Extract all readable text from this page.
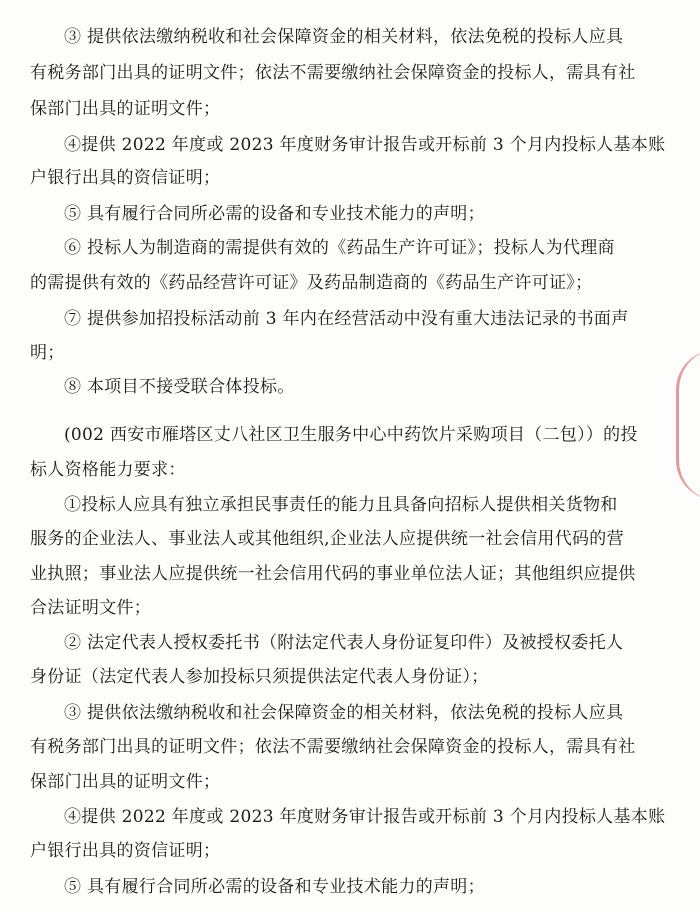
③ 提供依法缴纳税收和社会保障资金的相关材料，依法免税的投标人应具
有税务部门出具的证明文件；依法不需要缴纳社会保障资金的投标人，需具有社
保部门出具的证明文件；
④提供 2022 年度或 2023 年度财务审计报告或开标前 3 个月内投标人基本账
户银行出具的资信证明；
⑤ 具有履行合同所必需的设备和专业技术能力的声明；
⑥ 投标人为制造商的需提供有效的《药品生产许可证》；投标人为代理商
的需提供有效的《药品经营许可证》及药品制造商的《药品生产许可证》；
⑦ 提供参加招投标活动前 3 年内在经营活动中没有重大违法记录的书面声
明；
⑧ 本项目不接受联合体投标。
(002 西安市雁塔区丈八社区卫生服务中心中药饮片采购项目（二包））的投
标人资格能力要求：
①投标人应具有独立承担民事责任的能力且具备向招标人提供相关货物和
服务的企业法人、事业法人或其他组织,企业法人应提供统一社会信用代码的营
业执照；事业法人应提供统一社会信用代码的事业单位法人证；其他组织应提供
合法证明文件；
② 法定代表人授权委托书（附法定代表人身份证复印件）及被授权委托人
身份证（法定代表人参加投标只须提供法定代表人身份证）；
③ 提供依法缴纳税收和社会保障资金的相关材料，依法免税的投标人应具
有税务部门出具的证明文件；依法不需要缴纳社会保障资金的投标人，需具有社
保部门出具的证明文件；
④提供 2022 年度或 2023 年度财务审计报告或开标前 3 个月内投标人基本账
户银行出具的资信证明；
⑤ 具有履行合同所必需的设备和专业技术能力的声明；
